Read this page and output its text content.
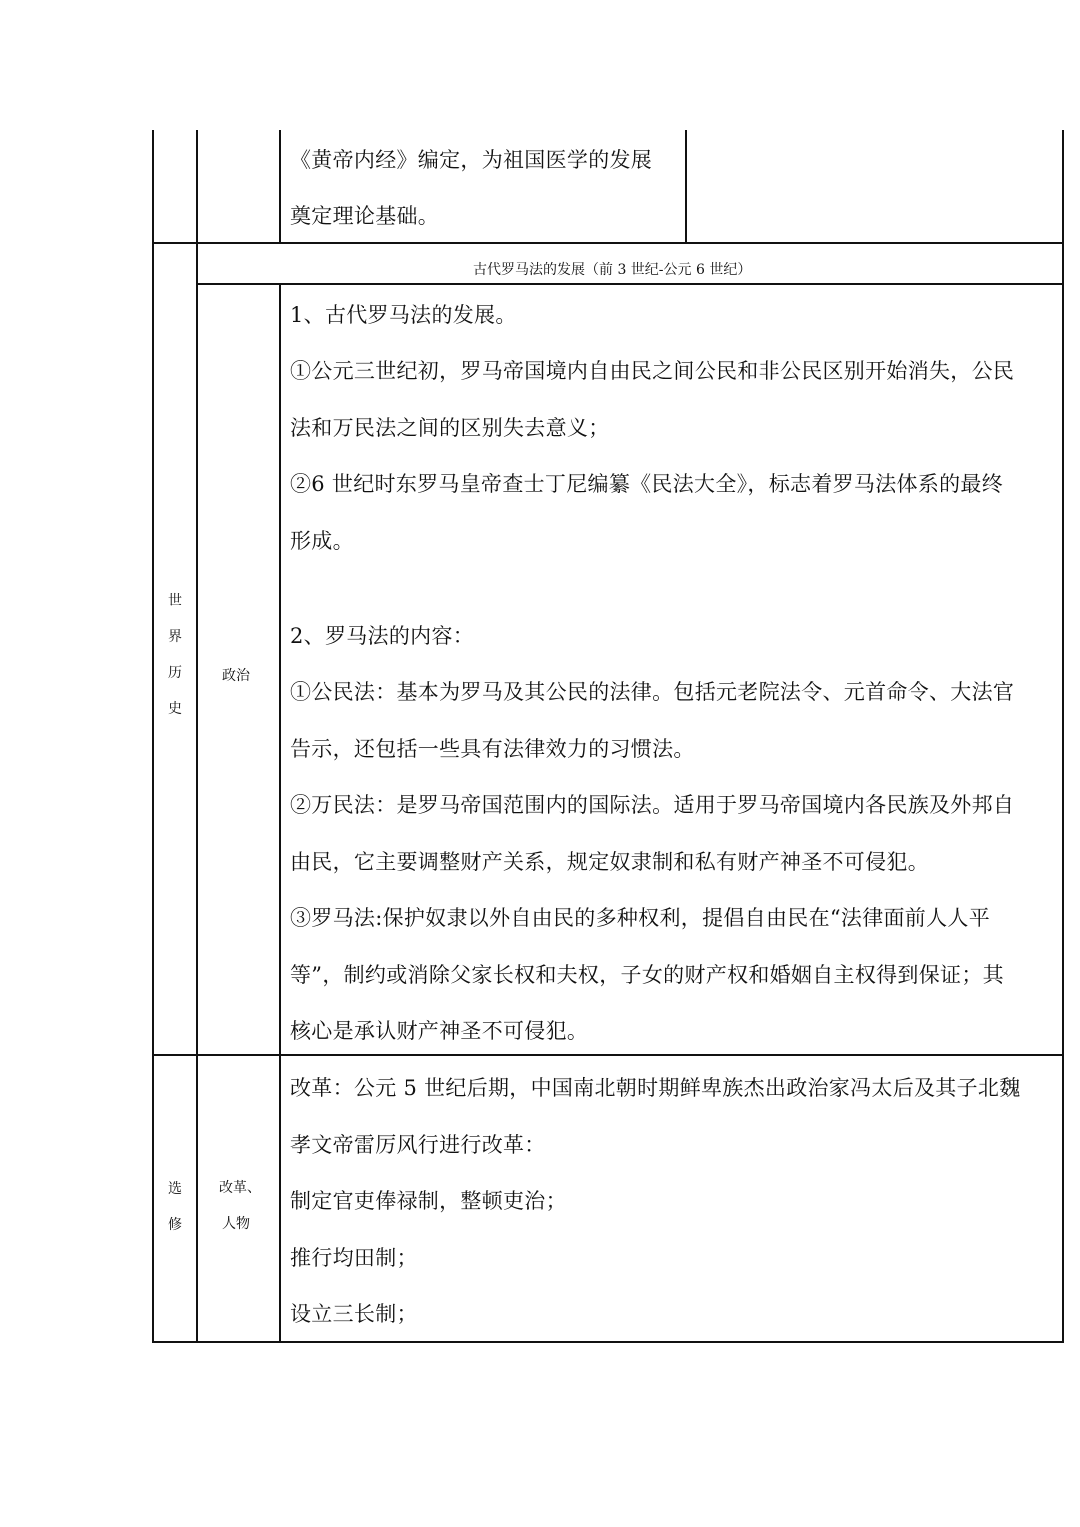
《黄帝内经》编定，为祖国医学的发展
奠定理论基础。
古代罗马法的发展（前 3 世纪-公元 6 世纪）
世
界
历
史
政治
1、古代罗马法的发展。
①公元三世纪初，罗马帝国境内自由民之间公民和非公民区别开始消失，公民
法和万民法之间的区别失去意义；
②6 世纪时东罗马皇帝查士丁尼编纂《民法大全》，标志着罗马法体系的最终
形成。
2、罗马法的内容：
①公民法：基本为罗马及其公民的法律。包括元老院法令、元首命令、大法官
告示，还包括一些具有法律效力的习惯法。
②万民法：是罗马帝国范围内的国际法。适用于罗马帝国境内各民族及外邦自
由民，它主要调整财产关系，规定奴隶制和私有财产神圣不可侵犯。
③罗马法:保护奴隶以外自由民的多种权利，提倡自由民在“法律面前人人平
等”，制约或消除父家长权和夫权，子女的财产权和婚姻自主权得到保证；其
核心是承认财产神圣不可侵犯。
选
修
改革、
人物
改革：公元 5 世纪后期，中国南北朝时期鲜卑族杰出政治家冯太后及其子北魏
孝文帝雷厉风行进行改革：
制定官吏俸禄制，整顿吏治；
推行均田制；
设立三长制；
